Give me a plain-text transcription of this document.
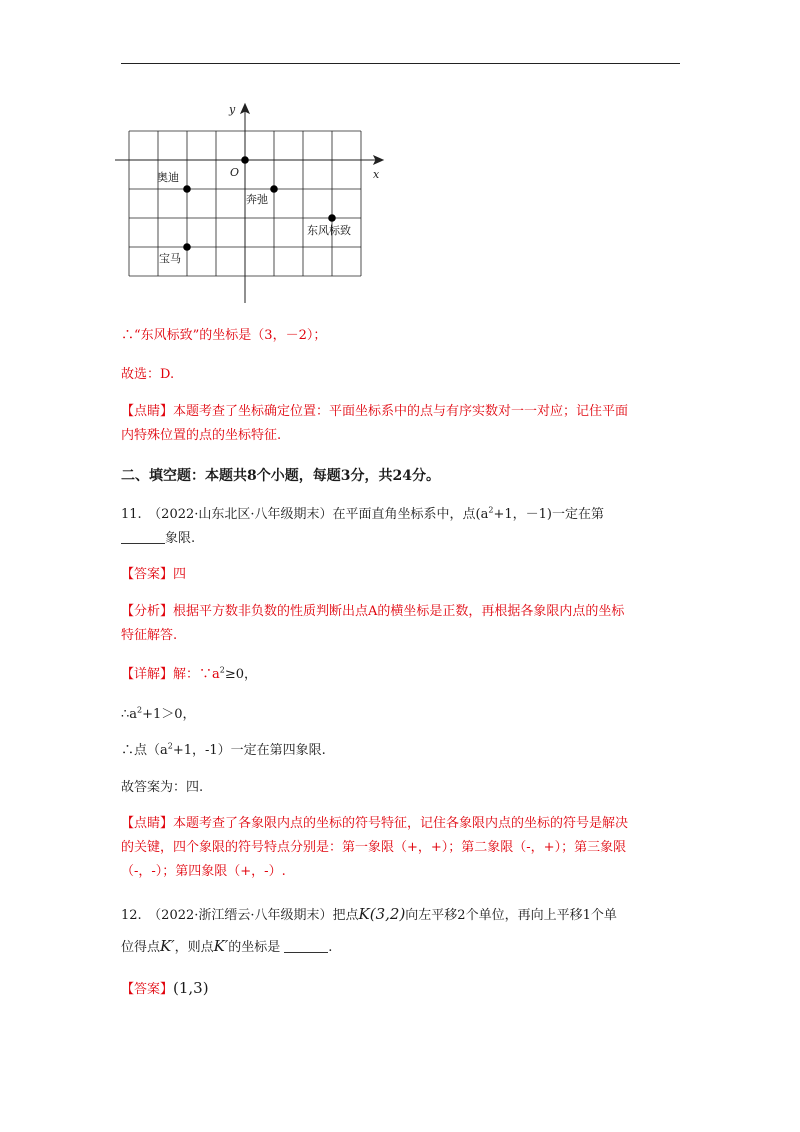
奥迪
奔弛
东风标致
宝马
x
y
O
∴“东风标致”的坐标是（3，－2）；
故选：D.
【点睛】本题考查了坐标确定位置：平面坐标系中的点与有序实数对一一对应；记住平面
内特殊位置的点的坐标特征.
二、填空题：本题共8个小题，每题3分，共24分。
11.　（2022·山东北区·八年级期末）在平面直角坐标系中，点($a^2+1$，－1)一定在第
象限.
【答案】四
【分析】根据平方数非负数的性质判断出点A的横坐标是正数，再根据各象限内点的坐标
特征解答.
【详解】解：$\because a^2\ge 0$，
$\therefore a^2+1>0$，
∴点（$a^2+1$，-1）一定在第四象限.
故答案为：四.
【点睛】本题考查了各象限内点的坐标的符号特征，记住各象限内点的坐标的符号是解决
的关键，四个象限的符号特点分别是：第一象限（+，+）；第二象限（-，+）；第三象限
（-，-）；第四象限（+，-）.
12.　（2022·浙江缙云·八年级期末）把点K(3,2)向左平移2个单位，再向上平移1个单
位得点K′，则点K′的坐标是	.
【答案】(1,3)
